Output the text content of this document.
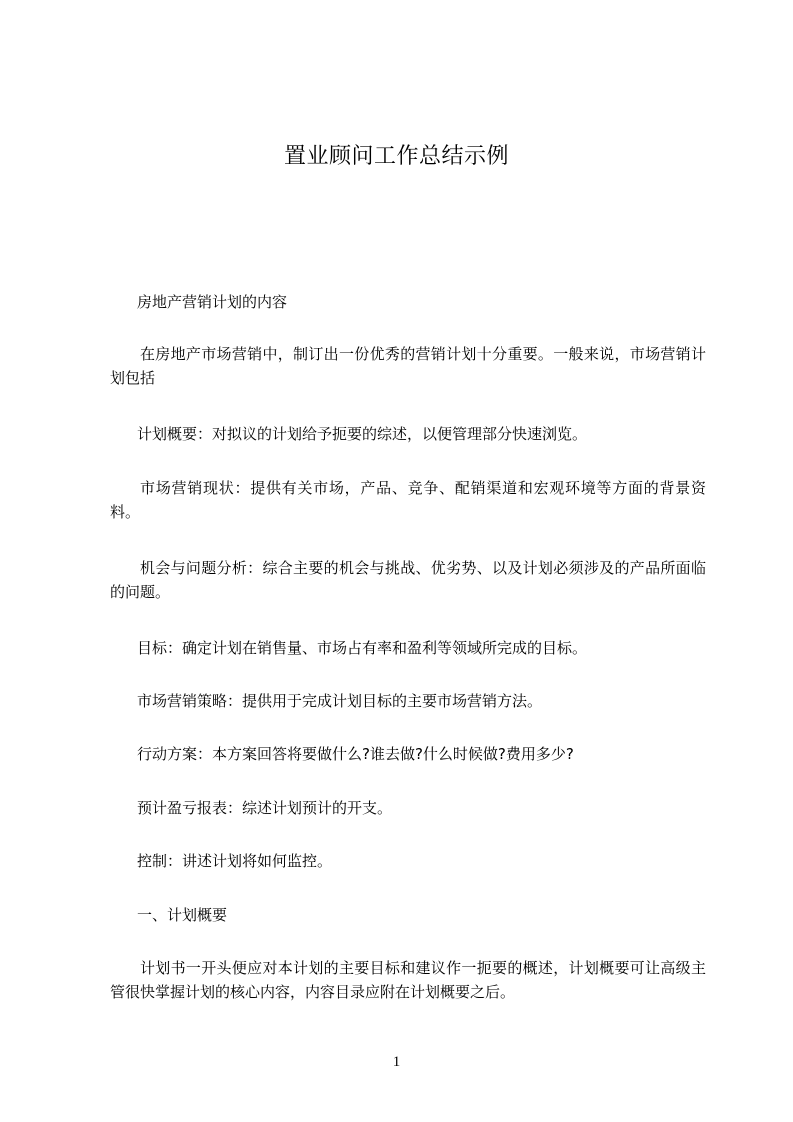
置业顾问工作总结示例
房地产营销计划的内容
在房地产市场营销中，制订出一份优秀的营销计划十分重要。一般来说，市场营销计划包括
计划概要：对拟议的计划给予扼要的综述，以便管理部分快速浏览。
市场营销现状：提供有关市场，产品、竞争、配销渠道和宏观环境等方面的背景资料。
机会与问题分析：综合主要的机会与挑战、优劣势、以及计划必须涉及的产品所面临的问题。
目标：确定计划在销售量、市场占有率和盈利等领域所完成的目标。
市场营销策略：提供用于完成计划目标的主要市场营销方法。
行动方案：本方案回答将要做什么?谁去做?什么时候做?费用多少?
预计盈亏报表：综述计划预计的开支。
控制：讲述计划将如何监控。
一、计划概要
计划书一开头便应对本计划的主要目标和建议作一扼要的概述，计划概要可让高级主管很快掌握计划的核心内容，内容目录应附在计划概要之后。
1
